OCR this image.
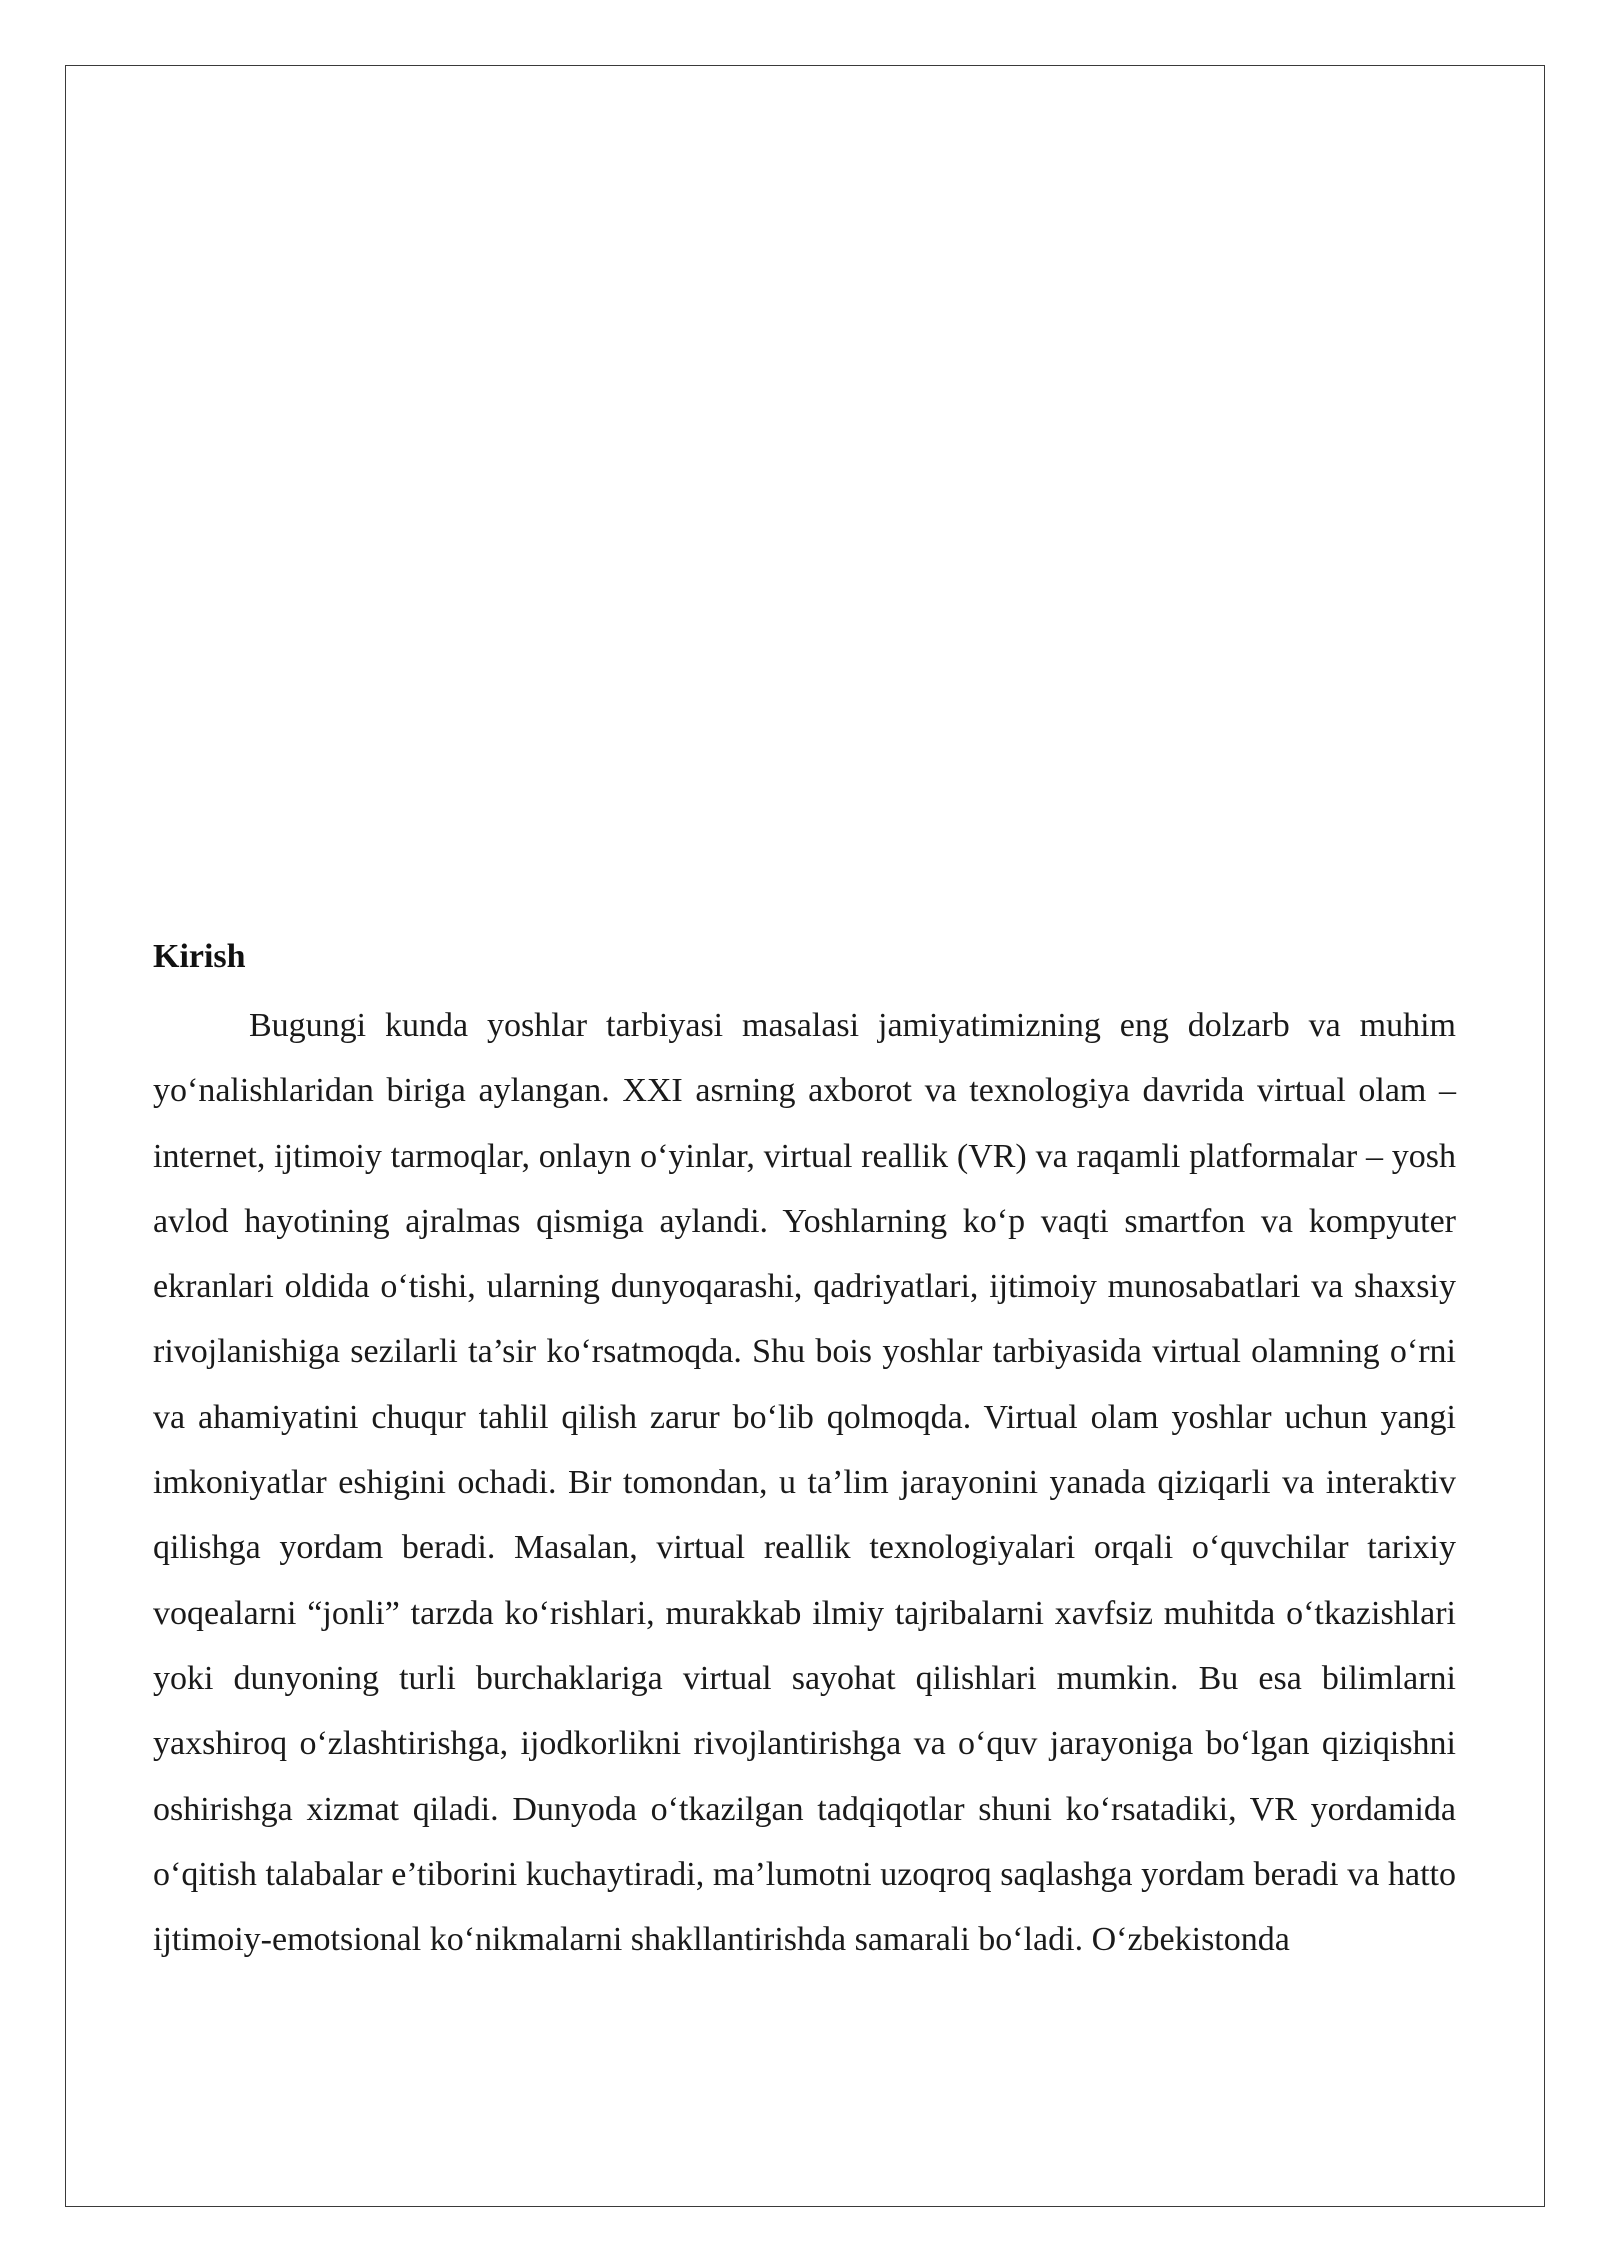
Kirish

Bugungi kunda yoshlar tarbiyasi masalasi jamiyatimizning eng dolzarb va muhim yo‘nalishlaridan biriga aylangan. XXI asrning axborot va texnologiya davrida virtual olam – internet, ijtimoiy tarmoqlar, onlayn o‘yinlar, virtual reallik (VR) va raqamli platformalar – yosh avlod hayotining ajralmas qismiga aylandi. Yoshlarning ko‘p vaqti smartfon va kompyuter ekranlari oldida o‘tishi, ularning dunyoqarashi, qadriyatlari, ijtimoiy munosabatlari va shaxsiy rivojlanishiga sezilarli ta’sir ko‘rsatmoqda. Shu bois yoshlar tarbiyasida virtual olamning o‘rni va ahamiyatini chuqur tahlil qilish zarur bo‘lib qolmoqda. Virtual olam yoshlar uchun yangi imkoniyatlar eshigini ochadi. Bir tomondan, u ta’lim jarayonini yanada qiziqarli va interaktiv qilishga yordam beradi. Masalan, virtual reallik texnologiyalari orqali o‘quvchilar tarixiy voqealarni “jonli” tarzda ko‘rishlari, murakkab ilmiy tajribalarni xavfsiz muhitda o‘tkazishlari yoki dunyoning turli burchaklariga virtual sayohat qilishlari mumkin. Bu esa bilimlarni yaxshiroq o‘zlashtirishga, ijodkorlikni rivojlantirishga va o‘quv jarayoniga bo‘lgan qiziqishni oshirishga xizmat qiladi. Dunyoda o‘tkazilgan tadqiqotlar shuni ko‘rsatadiki, VR yordamida o‘qitish talabalar e’tiborini kuchaytiradi, ma’lumotni uzoqroq saqlashga yordam beradi va hatto ijtimoiy-emotsional ko‘nikmalarni shakllantirishda samarali bo‘ladi. O‘zbekistonda
